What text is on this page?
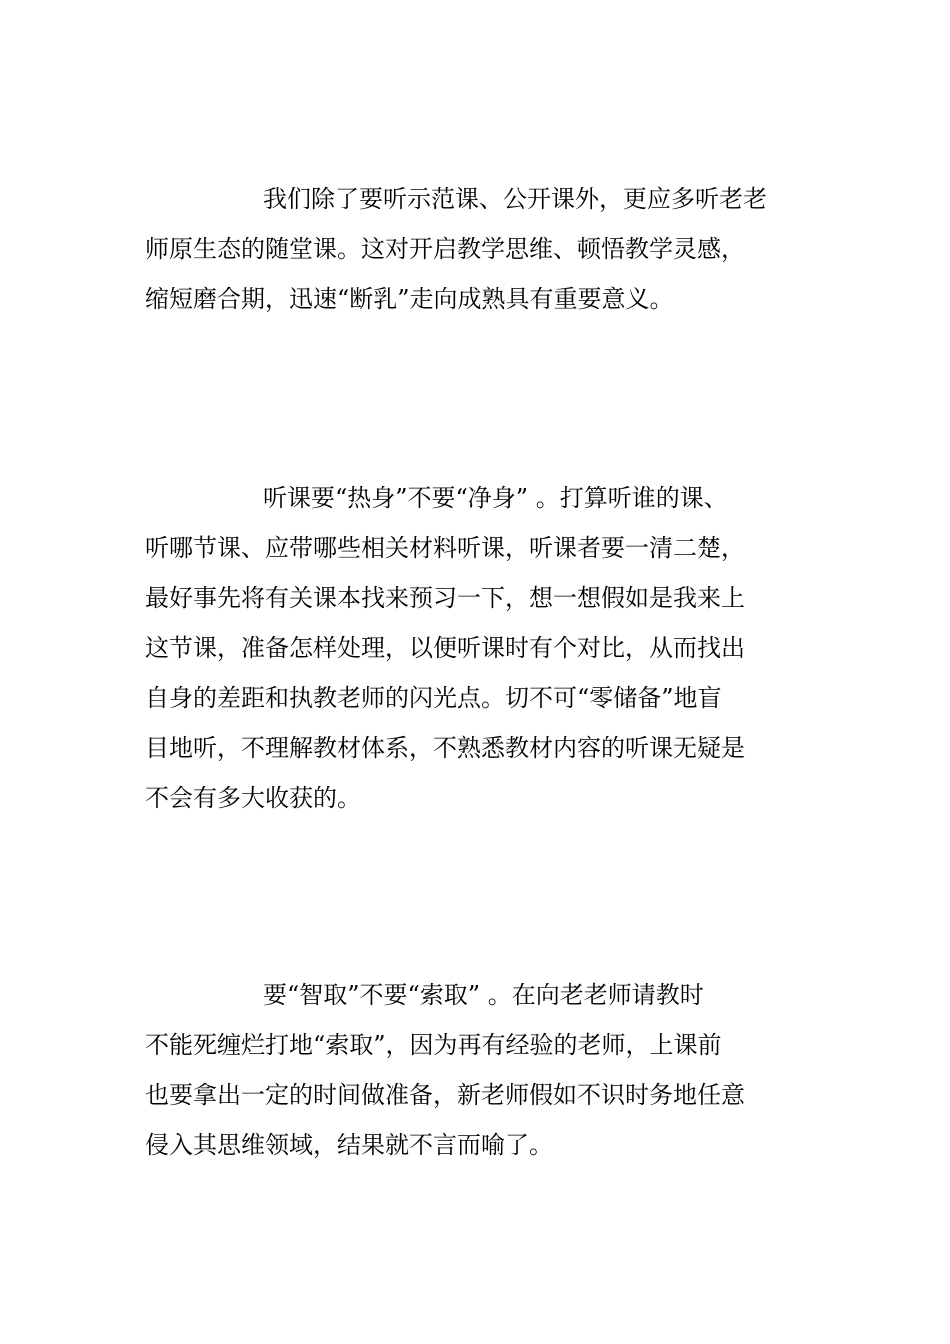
我们除了要听示范课、公开课外，更应多听老老
师原生态的随堂课。这对开启教学思维、顿悟教学灵感，
缩短磨合期，迅速“断乳”走向成熟具有重要意义。
听课要“热身”不要“净身” 。打算听谁的课、
听哪节课、应带哪些相关材料听课，听课者要一清二楚，
最好事先将有关课本找来预习一下，想一想假如是我来上
这节课，准备怎样处理，以便听课时有个对比，从而找出
自身的差距和执教老师的闪光点。切不可“零储备”地盲
目地听，不理解教材体系，不熟悉教材内容的听课无疑是
不会有多大收获的。
要“智取”不要“索取” 。在向老老师请教时
不能死缠烂打地“索取”，因为再有经验的老师，上课前
也要拿出一定的时间做准备，新老师假如不识时务地任意
侵入其思维领域，结果就不言而喻了。
